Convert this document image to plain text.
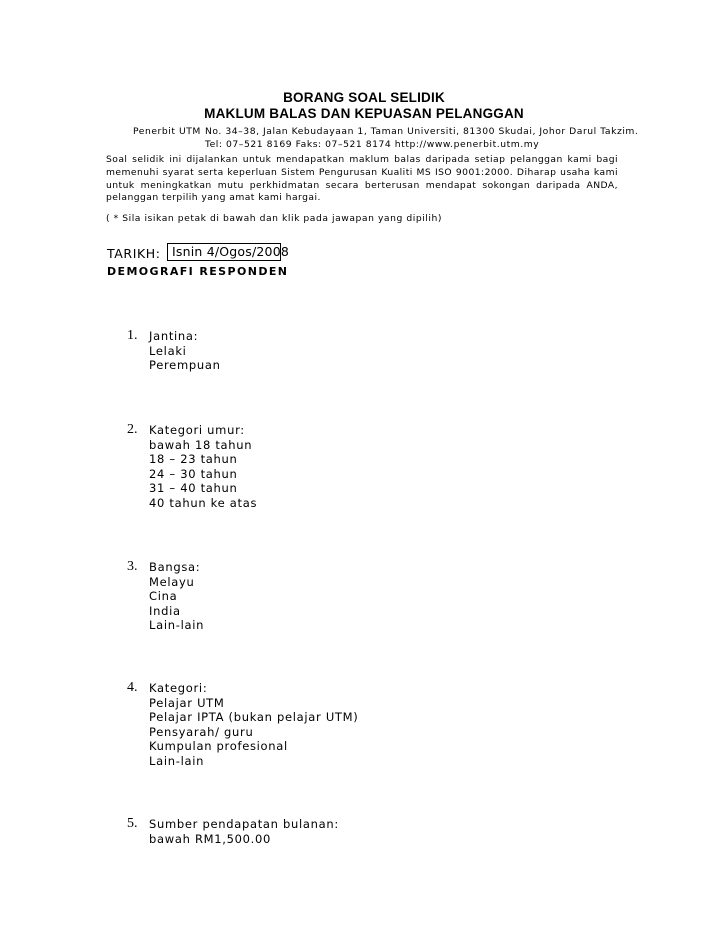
BORANG SOAL SELIDIK
MAKLUM BALAS DAN KEPUASAN PELANGGAN
Penerbit UTM No. 34–38, Jalan Kebudayaan 1, Taman Universiti, 81300 Skudai, Johor Darul Takzim.
Tel: 07–521 8169 Faks: 07–521 8174 http://www.penerbit.utm.my
Soal selidik ini dijalankan untuk mendapatkan maklum balas daripada setiap pelanggan kami bagi memenuhi syarat serta keperluan Sistem Pengurusan Kualiti MS ISO 9001:2000. Diharap usaha kami untuk meningkatkan mutu perkhidmatan secara berterusan mendapat sokongan daripada ANDA, pelanggan terpilih yang amat kami hargai.
( * Sila isikan petak di bawah dan klik pada jawapan yang dipilih)
TARIKH: Isnin 4/Ogos/2008
DEMOGRAFI RESPONDEN
1. Jantina:
Lelaki
Perempuan
2. Kategori umur:
bawah 18 tahun
18 – 23 tahun
24 – 30 tahun
31 – 40 tahun
40 tahun ke atas
3. Bangsa:
Melayu
Cina
India
Lain-lain
4. Kategori:
Pelajar UTM
Pelajar IPTA (bukan pelajar UTM)
Pensyarah/ guru
Kumpulan profesional
Lain-lain
5. Sumber pendapatan bulanan:
bawah RM1,500.00
